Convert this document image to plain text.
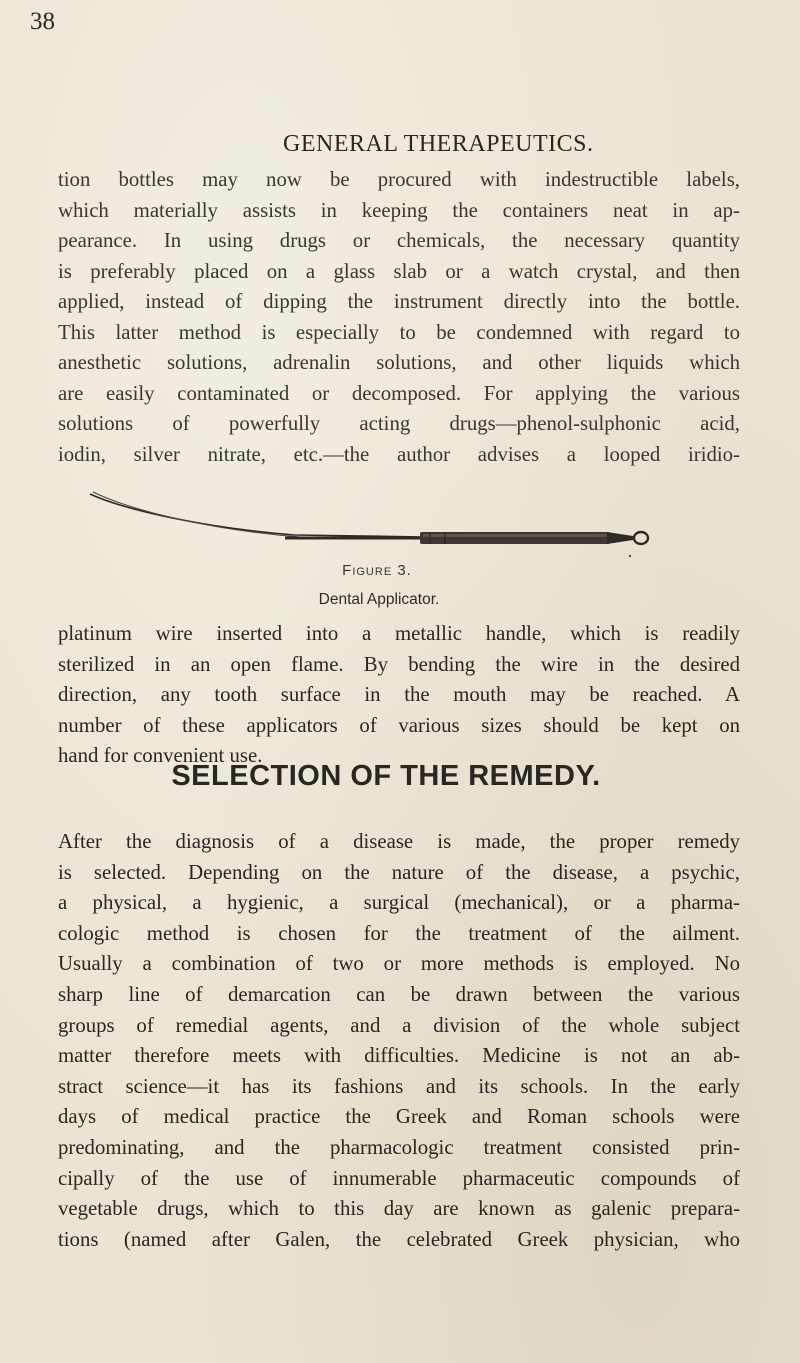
38
GENERAL THERAPEUTICS.
tion bottles may now be procured with indestructible labels,
which materially assists in keeping the containers neat in ap-
pearance. In using drugs or chemicals, the necessary quantity
is preferably placed on a glass slab or a watch crystal, and then
applied, instead of dipping the instrument directly into the bottle.
This latter method is especially to be condemned with regard to
anesthetic solutions, adrenalin solutions, and other liquids which
are easily contaminated or decomposed. For applying the various
solutions of powerfully acting drugs—phenol-sulphonic acid,
iodin, silver nitrate, etc.—the author advises a looped iridio-
Figure 3.
Dental Applicator.
platinum wire inserted into a metallic handle, which is readily
sterilized in an open flame. By bending the wire in the desired
direction, any tooth surface in the mouth may be reached. A
number of these applicators of various sizes should be kept on
hand for convenient use.
SELECTION OF THE REMEDY.
After the diagnosis of a disease is made, the proper remedy
is selected. Depending on the nature of the disease, a psychic,
a physical, a hygienic, a surgical (mechanical), or a pharma-
cologic method is chosen for the treatment of the ailment.
Usually a combination of two or more methods is employed. No
sharp line of demarcation can be drawn between the various
groups of remedial agents, and a division of the whole subject
matter therefore meets with difficulties. Medicine is not an ab-
stract science—it has its fashions and its schools. In the early
days of medical practice the Greek and Roman schools were
predominating, and the pharmacologic treatment consisted prin-
cipally of the use of innumerable pharmaceutic compounds of
vegetable drugs, which to this day are known as galenic prepara-
tions (named after Galen, the celebrated Greek physician, who
